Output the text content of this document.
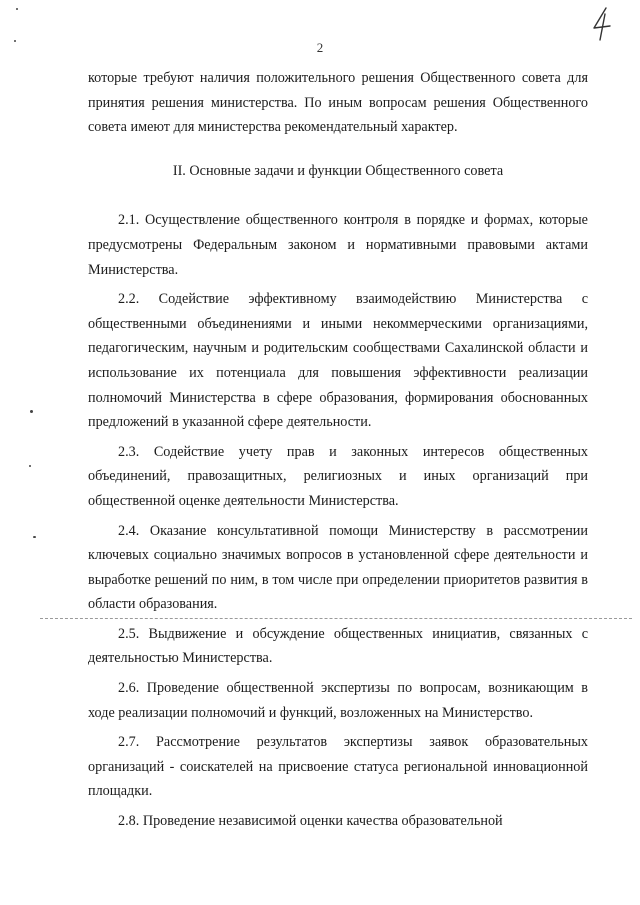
2

которые требуют наличия положительного решения Общественного совета для принятия решения министерства. По иным вопросам решения Общественного совета имеют для министерства рекомендательный характер.

II. Основные задачи и функции Общественного совета

2.1. Осуществление общественного контроля в порядке и формах, которые предусмотрены Федеральным законом и нормативными правовыми актами Министерства.

2.2. Содействие эффективному взаимодействию Министерства с общественными объединениями и иными некоммерческими организациями, педагогическим, научным и родительским сообществами Сахалинской области и использование их потенциала для повышения эффективности реализации полномочий Министерства в сфере образования, формирования обоснованных предложений в указанной сфере деятельности.

2.3. Содействие учету прав и законных интересов общественных объединений, правозащитных, религиозных и иных организаций при общественной оценке деятельности Министерства.

2.4. Оказание консультативной помощи Министерству в рассмотрении ключевых социально значимых вопросов в установленной сфере деятельности и выработке решений по ним, в том числе при определении приоритетов развития в области образования.

2.5. Выдвижение и обсуждение общественных инициатив, связанных с деятельностью Министерства.

2.6. Проведение общественной экспертизы по вопросам, возникающим в ходе реализации полномочий и функций, возложенных на Министерство.

2.7. Рассмотрение результатов экспертизы заявок образовательных организаций - соискателей на присвоение статуса региональной инновационной площадки.

2.8. Проведение независимой оценки качества образовательной
